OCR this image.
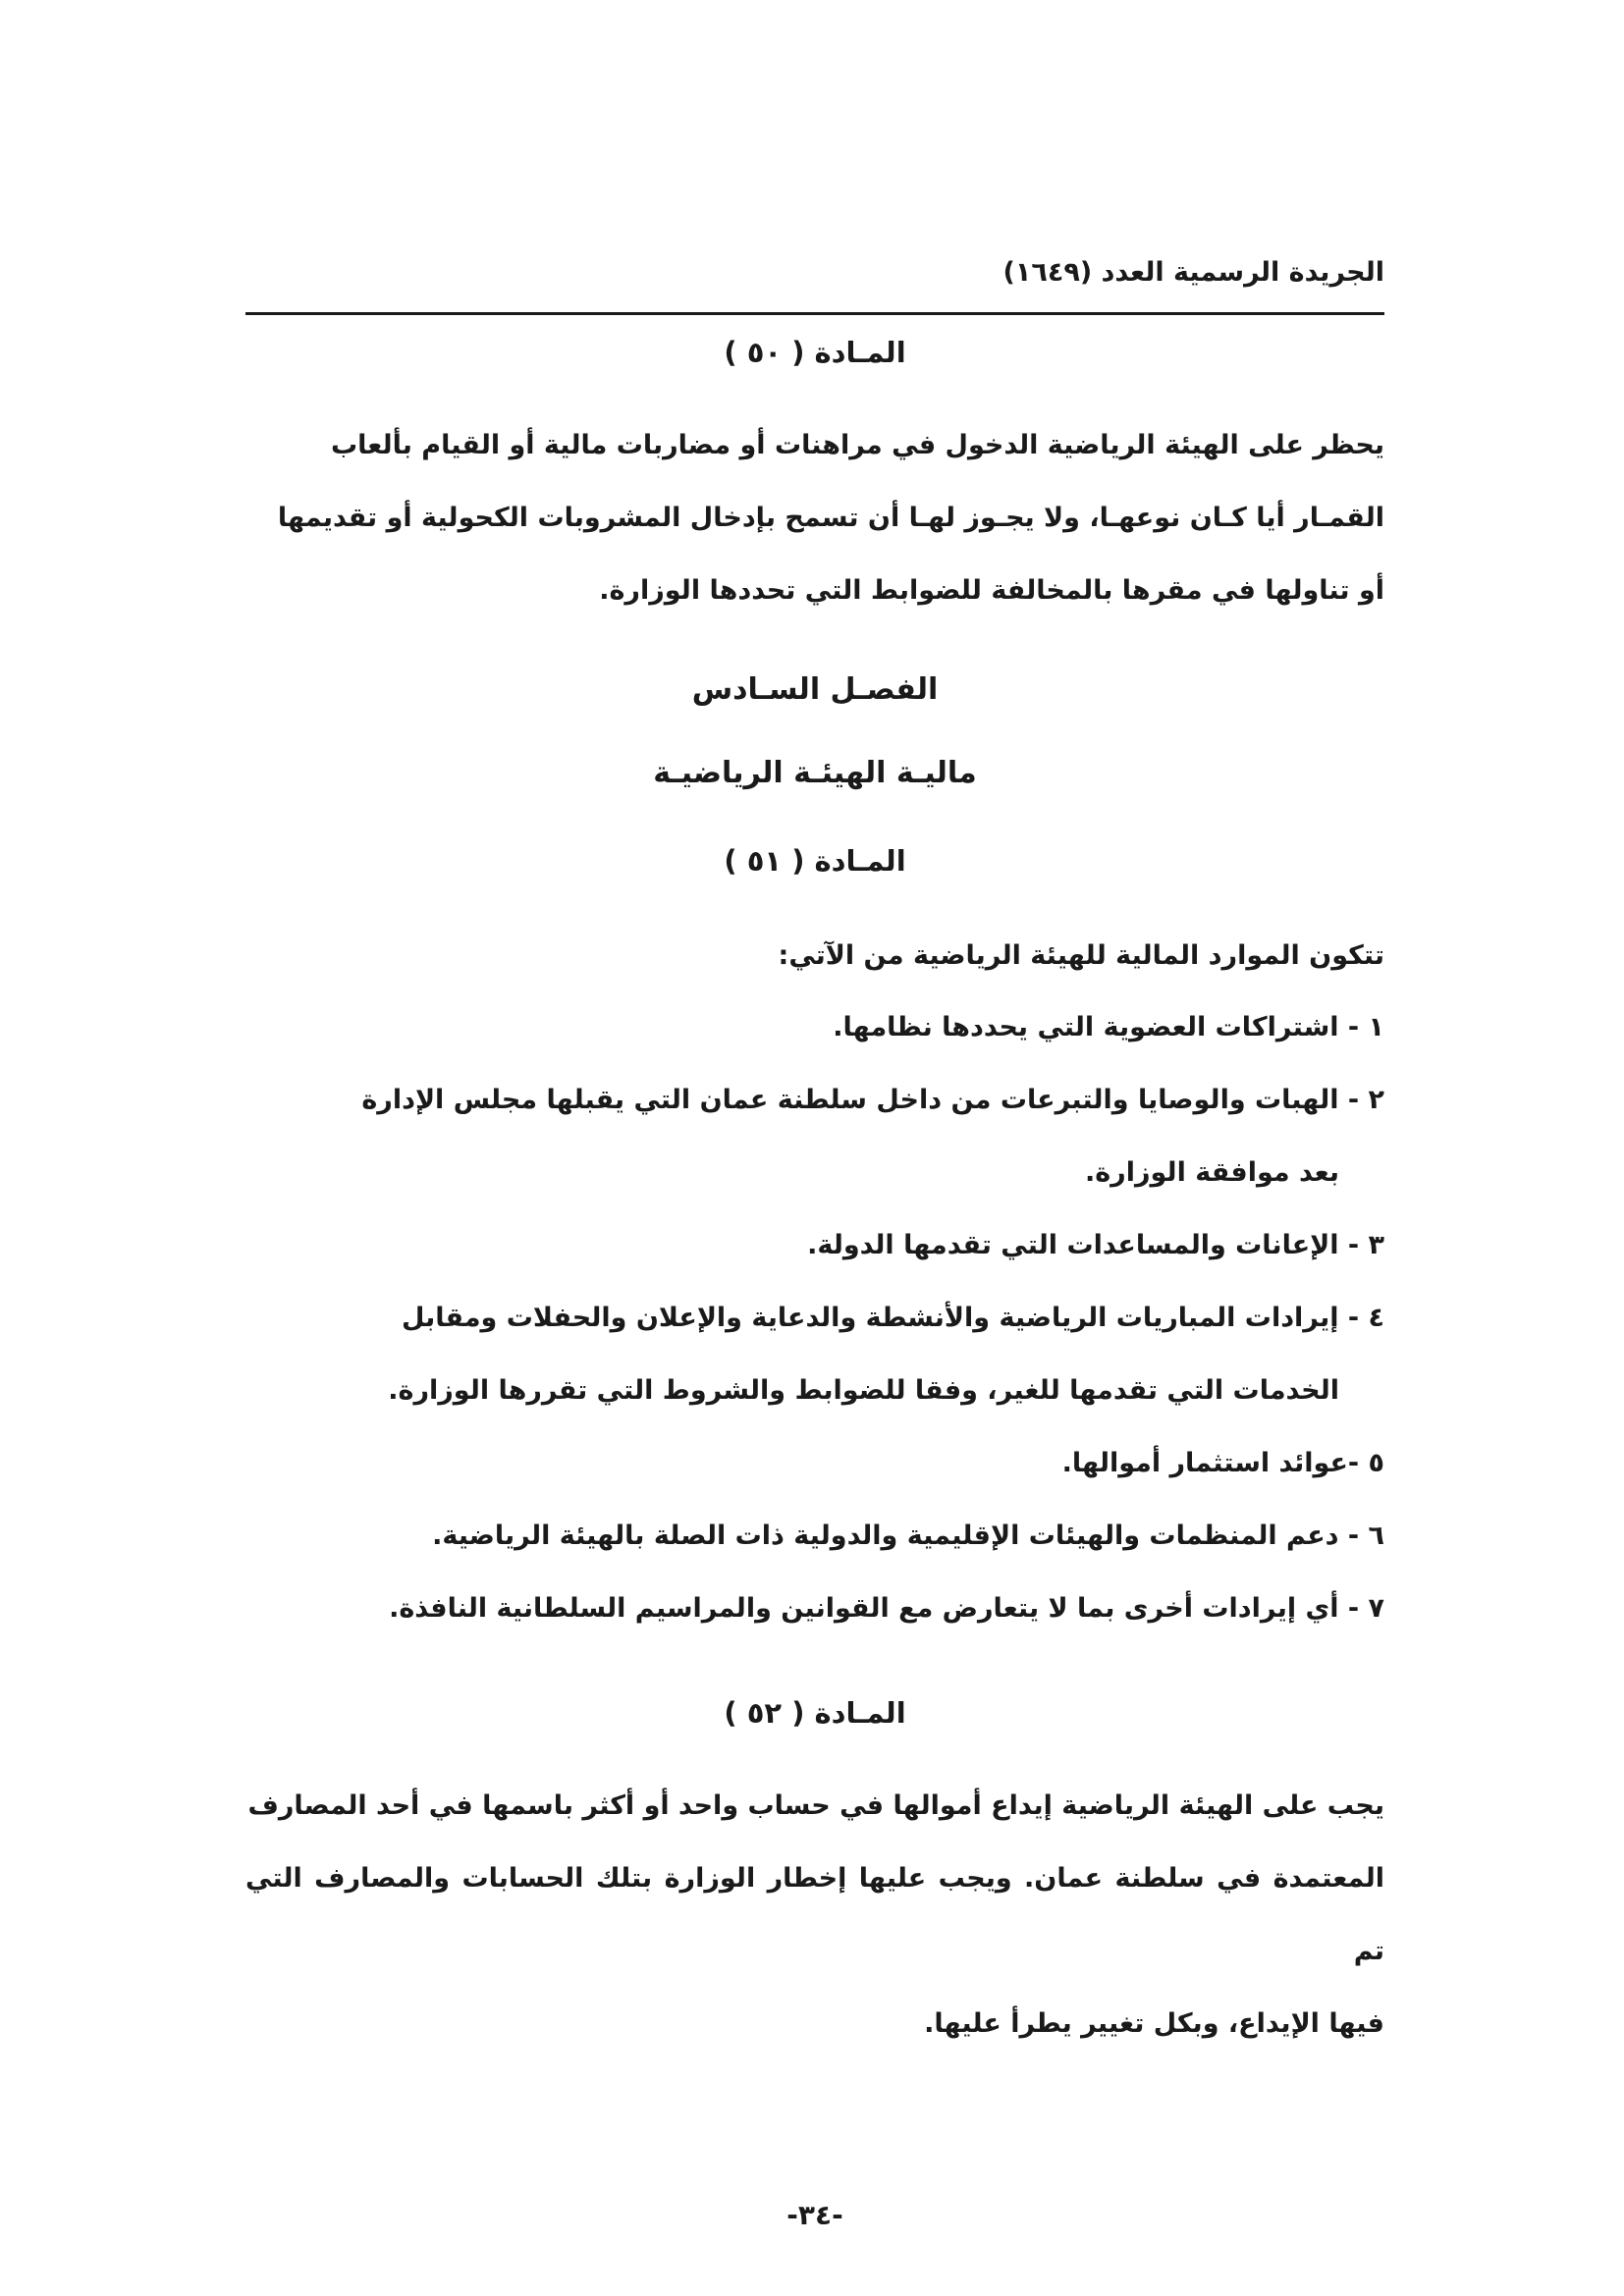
الجريدة الرسمية العدد (١٦٤٩)
المـادة ( ٥٠ )
يحظر على الهيئة الرياضية الدخول في مراهنات أو مضاربات مالية أو القيام بألعاب
القمـار أيا كـان نوعهـا، ولا يجـوز لهـا أن تسمح بإدخال المشروبات الكحولية أو تقديمها
أو تناولها في مقرها بالمخالفة للضوابط التي تحددها الوزارة.
الفصـل السـادس
ماليـة الهيئـة الرياضيـة
المـادة ( ٥١ )
تتكون الموارد المالية للهيئة الرياضية من الآتي:
١ - اشتراكات العضوية التي يحددها نظامها.
٢ - الهبات والوصايا والتبرعات من داخل سلطنة عمان التي يقبلها مجلس الإدارة
بعد موافقة الوزارة.
٣ - الإعانات والمساعدات التي تقدمها الدولة.
٤ - إيرادات المباريات الرياضية والأنشطة والدعاية والإعلان والحفلات ومقابل
الخدمات التي تقدمها للغير، وفقا للضوابط والشروط التي تقررها الوزارة.
٥ -عوائد استثمار أموالها.
٦ - دعم المنظمات والهيئات الإقليمية والدولية ذات الصلة بالهيئة الرياضية.
٧ - أي إيرادات أخرى بما لا يتعارض مع القوانين والمراسيم السلطانية النافذة.
المـادة ( ٥٢ )
يجب على الهيئة الرياضية إيداع أموالها في حساب واحد أو أكثر باسمها في أحد المصارف
المعتمدة في سلطنة عمان. ويجب عليها إخطار الوزارة بتلك الحسابات والمصارف التي تم
فيها الإيداع، وبكل تغيير يطرأ عليها.
-٣٤-
